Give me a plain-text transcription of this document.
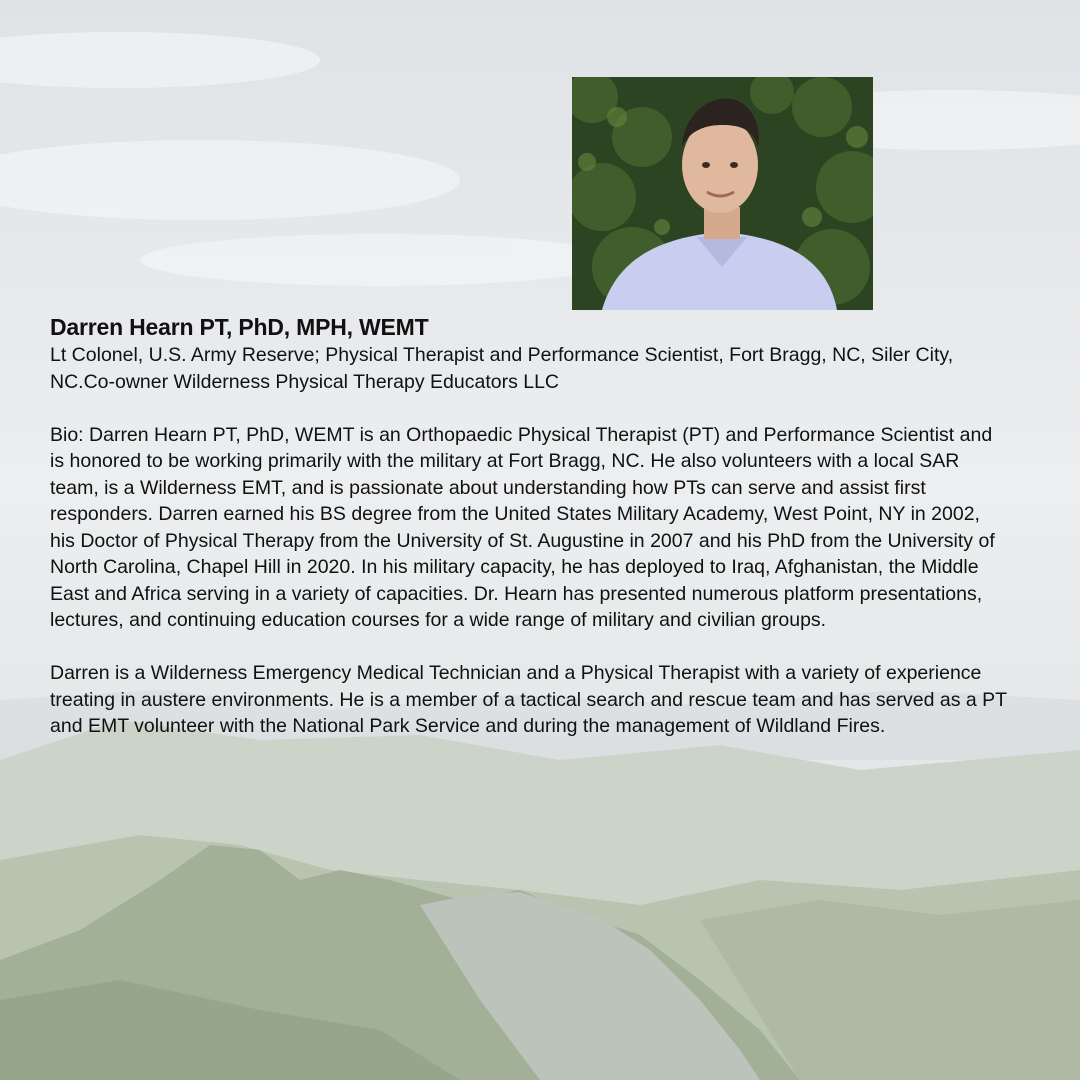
Darren Hearn PT, PhD, MPH, WEMT

Lt Colonel, U.S. Army Reserve; Physical Therapist and Performance Scientist, Fort Bragg, NC, Siler City, NC.Co-owner Wilderness Physical Therapy Educators LLC

Bio: Darren Hearn PT, PhD, WEMT is an Orthopaedic Physical Therapist (PT) and Performance Scientist and is honored to be working primarily with the military at Fort Bragg, NC. He also volunteers with a local SAR team, is a Wilderness EMT, and is passionate about understanding how PTs can serve and assist first responders. Darren earned his BS degree from the United States Military Academy, West Point, NY in 2002, his Doctor of Physical Therapy from the University of St. Augustine in 2007 and his PhD from the University of North Carolina, Chapel Hill in 2020. In his military capacity, he has deployed to Iraq, Afghanistan, the Middle East and Africa serving in a variety of capacities. Dr. Hearn has presented numerous platform presentations, lectures, and continuing education courses for a wide range of military and civilian groups.

Darren is a Wilderness Emergency Medical Technician and a Physical Therapist with a variety of experience treating in austere environments. He is a member of a tactical search and rescue team and has served as a PT and EMT volunteer with the National Park Service and during the management of Wildland Fires.
